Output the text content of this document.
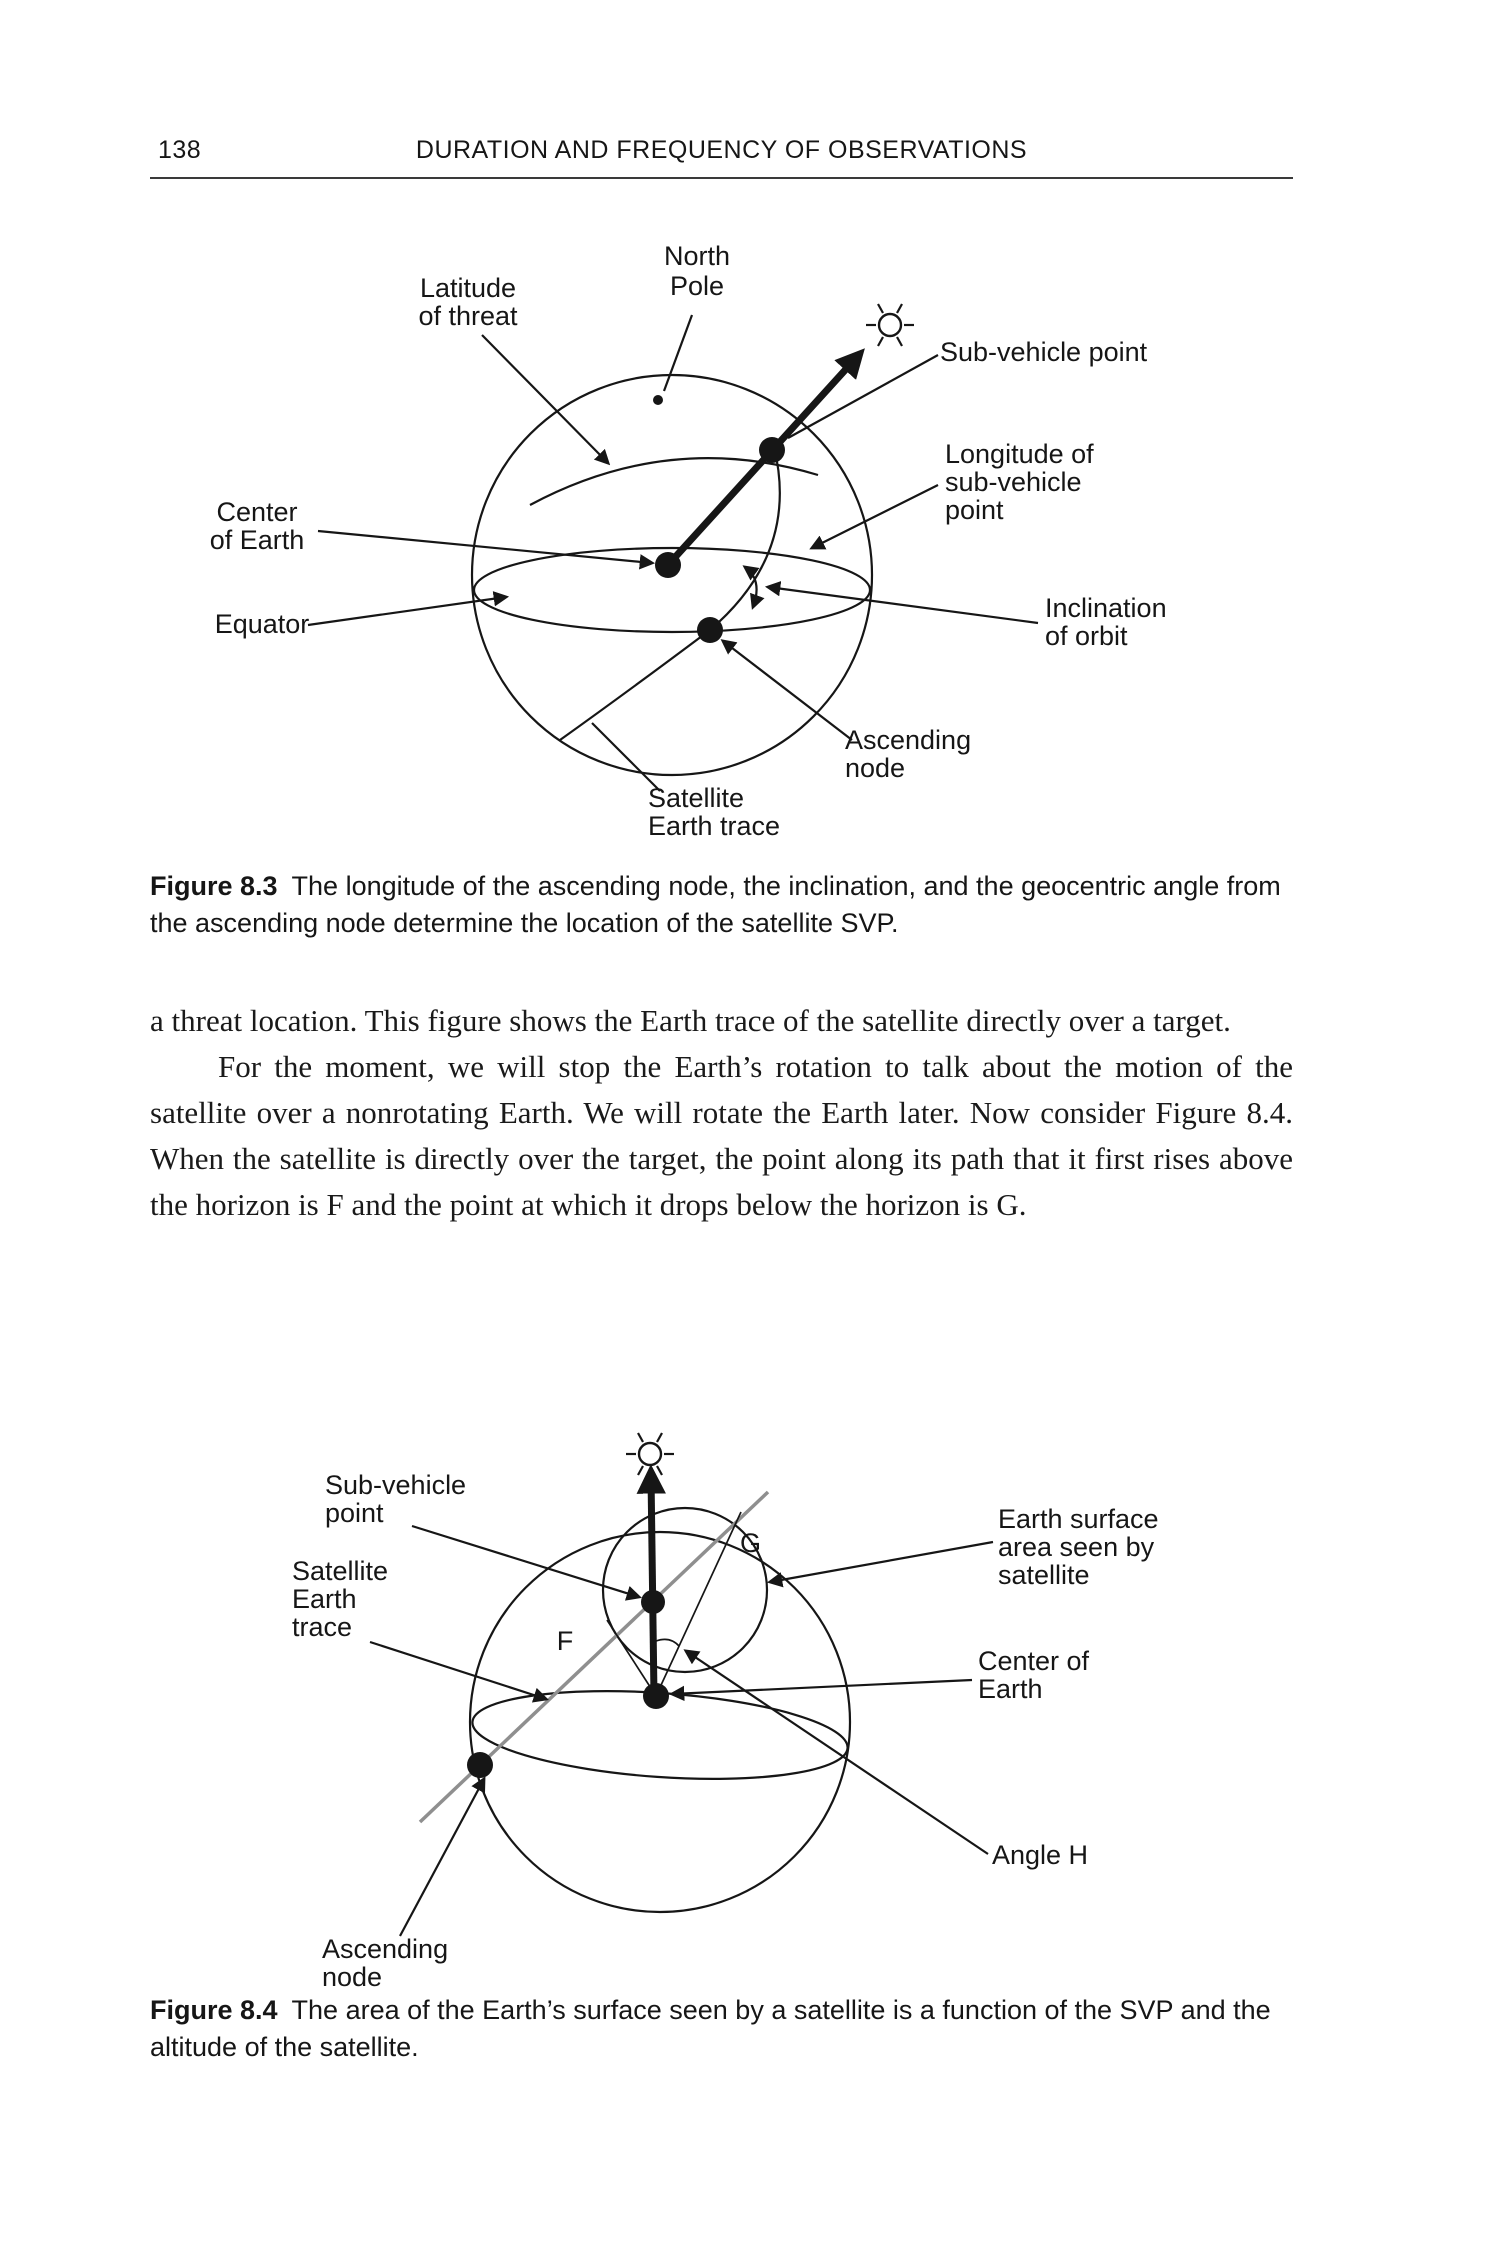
138	DURATION AND FREQUENCY OF OBSERVATIONS
North
Pole
Latitude
of threat
Sub-vehicle point
Longitude of
sub-vehicle
point
Center
of Earth
Equator
Inclination
of orbit
Ascending
node
Satellite
Earth trace
Figure 8.3 The longitude of the ascending node, the inclination, and the geocentric angle from the ascending node determine the location of the satellite SVP.

a threat location. This figure shows the Earth trace of the satellite directly over a target.

For the moment, we will stop the Earth’s rotation to talk about the motion of the satellite over a nonrotating Earth. We will rotate the Earth later. Now consider Figure 8.4. When the satellite is directly over the target, the point along its path that it first rises above the horizon is F and the point at which it drops below the horizon is G.

Sub-vehicle
point
Satellite
Earth
trace
Earth surface
area seen by
satellite
Center of
Earth
Angle H
Ascending
node
F
G
Figure 8.4 The area of the Earth’s surface seen by a satellite is a function of the SVP and the altitude of the satellite.
